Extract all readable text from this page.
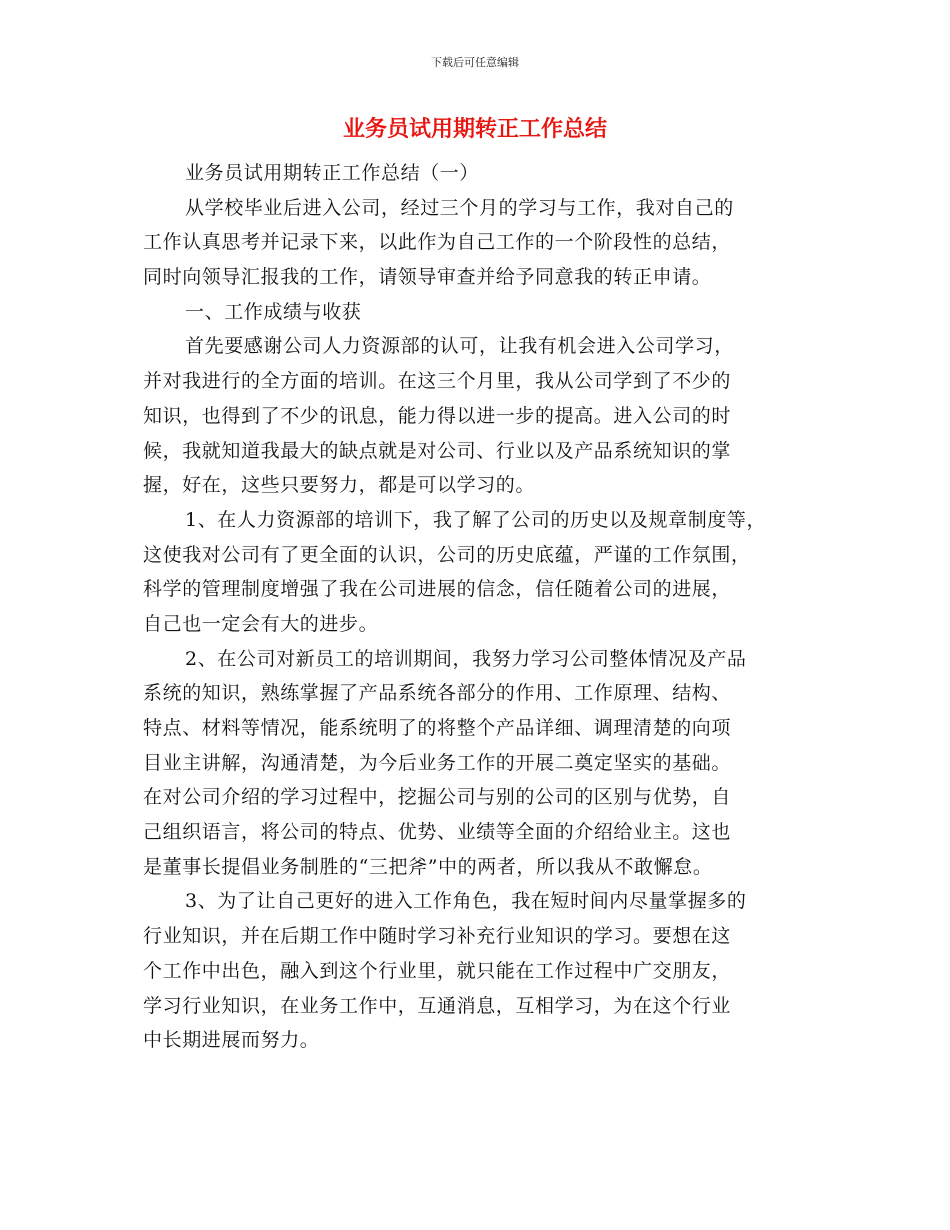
下载后可任意编辑
业务员试用期转正工作总结
业务员试用期转正工作总结（一）
从学校毕业后进入公司，经过三个月的学习与工作，我对自己的
工作认真思考并记录下来，以此作为自己工作的一个阶段性的总结，
同时向领导汇报我的工作，请领导审查并给予同意我的转正申请。
一、工作成绩与收获
首先要感谢公司人力资源部的认可，让我有机会进入公司学习，
并对我进行的全方面的培训。在这三个月里，我从公司学到了不少的
知识，也得到了不少的讯息，能力得以进一步的提高。进入公司的时
候，我就知道我最大的缺点就是对公司、行业以及产品系统知识的掌
握，好在，这些只要努力，都是可以学习的。
1、在人力资源部的培训下，我了解了公司的历史以及规章制度等，
这使我对公司有了更全面的认识，公司的历史底蕴，严谨的工作氛围，
科学的管理制度增强了我在公司进展的信念，信任随着公司的进展，
自己也一定会有大的进步。
2、在公司对新员工的培训期间，我努力学习公司整体情况及产品
系统的知识，熟练掌握了产品系统各部分的作用、工作原理、结构、
特点、材料等情况，能系统明了的将整个产品详细、调理清楚的向项
目业主讲解，沟通清楚，为今后业务工作的开展二奠定坚实的基础。
在对公司介绍的学习过程中，挖掘公司与别的公司的区别与优势，自
己组织语言，将公司的特点、优势、业绩等全面的介绍给业主。这也
是董事长提倡业务制胜的“三把斧”中的两者，所以我从不敢懈怠。
3、为了让自己更好的进入工作角色，我在短时间内尽量掌握多的
行业知识，并在后期工作中随时学习补充行业知识的学习。要想在这
个工作中出色，融入到这个行业里，就只能在工作过程中广交朋友，
学习行业知识，在业务工作中，互通消息，互相学习，为在这个行业
中长期进展而努力。
